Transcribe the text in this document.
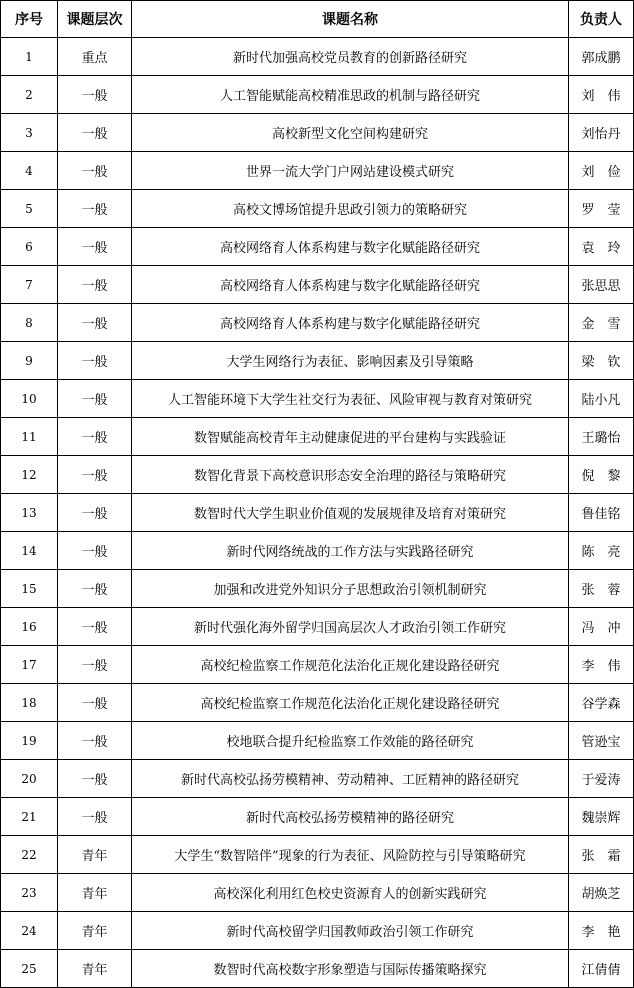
序号	课题层次	课题名称	负责人
1	重点	新时代加强高校党员教育的创新路径研究	郭成鹏
2	一般	人工智能赋能高校精准思政的机制与路径研究	刘　伟
3	一般	高校新型文化空间构建研究	刘怡丹
4	一般	世界一流大学门户网站建设模式研究	刘　俭
5	一般	高校文博场馆提升思政引领力的策略研究	罗　莹
6	一般	高校网络育人体系构建与数字化赋能路径研究	袁　玲
7	一般	高校网络育人体系构建与数字化赋能路径研究	张思思
8	一般	高校网络育人体系构建与数字化赋能路径研究	金　雪
9	一般	大学生网络行为表征、影响因素及引导策略	梁　钦
10	一般	人工智能环境下大学生社交行为表征、风险审视与教育对策研究	陆小凡
11	一般	数智赋能高校青年主动健康促进的平台建构与实践验证	王璐怡
12	一般	数智化背景下高校意识形态安全治理的路径与策略研究	倪　黎
13	一般	数智时代大学生职业价值观的发展规律及培育对策研究	鲁佳铭
14	一般	新时代网络统战的工作方法与实践路径研究	陈　亮
15	一般	加强和改进党外知识分子思想政治引领机制研究	张　蓉
16	一般	新时代强化海外留学归国高层次人才政治引领工作研究	冯　冲
17	一般	高校纪检监察工作规范化法治化正规化建设路径研究	李　伟
18	一般	高校纪检监察工作规范化法治化正规化建设路径研究	谷学森
19	一般	校地联合提升纪检监察工作效能的路径研究	管逊宝
20	一般	新时代高校弘扬劳模精神、劳动精神、工匠精神的路径研究	于爱涛
21	一般	新时代高校弘扬劳模精神的路径研究	魏崇辉
22	青年	大学生“数智陪伴”现象的行为表征、风险防控与引导策略研究	张　霜
23	青年	高校深化利用红色校史资源育人的创新实践研究	胡焕芝
24	青年	新时代高校留学归国教师政治引领工作研究	李　艳
25	青年	数智时代高校数字形象塑造与国际传播策略探究	江倩倩
